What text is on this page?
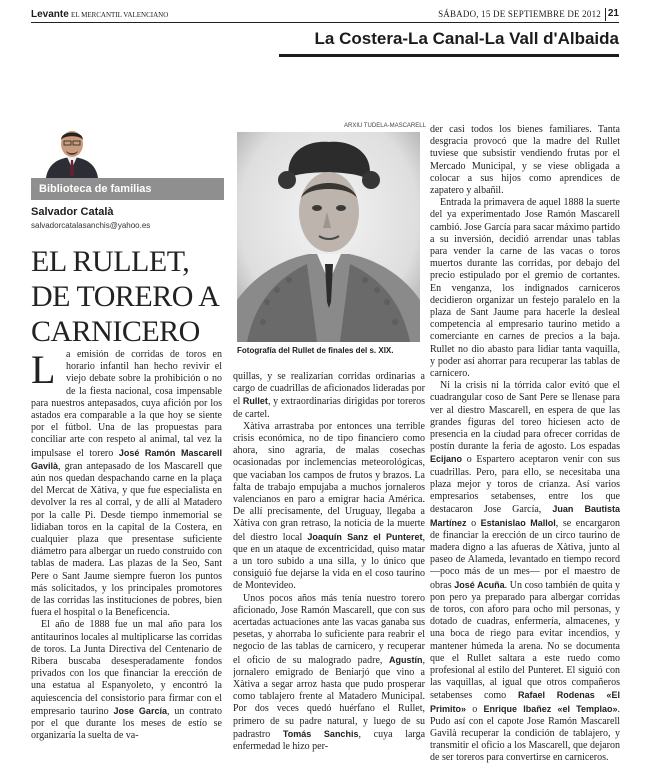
Levante EL MERCANTIL VALENCIANO	SÁBADO, 15 DE SEPTIEMBRE DE 2012 21
La Costera-La Canal-La Vall d'Albaida
Biblioteca de familias
Salvador Català
salvadorcatalasanchis@yahoo.es
EL RULLET, DE TORERO A CARNICERO
ARXIU TUDELA-MASCARELL
Fotografía del Rullet de finales del s. XIX.

L	a emisión de corridas de toros en horario infantil han hecho revivir el viejo debate sobre la prohibición o no de la fiesta nacional, cosa impensable para nuestros antepasados, cuya afición por los astados era comparable a la que hoy se siente por el fútbol. Una de las propuestas para conciliar arte con respeto al animal, tal vez la impulsase el torero José Ramón Mascarell Gavilà, gran antepasado de los Mascarell que aún nos quedan despachando carne en la plaça del Mercat de Xàtiva, y que fue especialista en devolver la res al corral, y de allí al Matadero por la calle Pi. Desde tiempo inmemorial se lidiaban toros en la capital de la Costera, en cualquier plaza que presentase suficiente diámetro para albergar un ruedo construido con tablas de madera. Las plazas de la Seo, Sant Pere o Sant Jaume siempre fueron los puntos más solicitados, y los principales promotores de las corridas las instituciones de pobres, bien fuera el hospital o la Beneficencia.

El año de 1888 fue un mal año para los antitaurinos locales al multiplicarse las corridas de toros. La Junta Directiva del Centenario de Ribera buscaba desesperadamente fondos privados con los que financiar la erección de una estatua al Espanyoleto, y encontró la aquiescencia del consistorio para firmar con el empresario taurino Jose García, un contrato por el que durante los meses de estío se organizaría la suelta de va-

quillas, y se realizarían corridas ordinarias a cargo de cuadrillas de aficionados lideradas por el Rullet, y extraordinarias dirigidas por toreros de cartel.

Xàtiva arrastraba por entonces una terrible crisis económica, no de tipo financiero como ahora, sino agraria, de malas cosechas ocasionadas por inclemencias meteorológicas, que vaciaban los campos de frutos y brazos. La falta de trabajo empujaba a muchos jornaleros valencianos en paro a emigrar hacia América. De allí precisamente, del Uruguay, llegaba a Xàtiva con gran retraso, la noticia de la muerte del diestro local Joaquín Sanz el Punteret, que en un ataque de excentricidad, quiso matar a un toro subido a una silla, y lo único que consiguió fue dejarse la vida en el coso taurino de Montevideo.

Unos pocos años más tenía nuestro torero aficionado, Jose Ramón Mascarell, que con sus acertadas actuaciones ante las vacas ganaba sus pesetas, y ahorraba lo suficiente para reabrir el negocio de las tablas de carnicero, y recuperar el oficio de su malogrado padre, Agustín, jornalero emigrado de Beniarjó que vino a Xàtiva a segar arroz hasta que pudo prosperar como tablajero frente al Matadero Municipal. Por dos veces quedó huérfano el Rullet, primero de su padre natural, y luego de su padrastro Tomás Sanchis, cuya larga enfermedad le hizo per-

der casi todos los bienes familiares. Tanta desgracia provocó que la madre del Rullet tuviese que subsistir vendiendo frutas por el Mercado Municipal, y se viese obligada a colocar a sus hijos como aprendices de zapatero y albañil.

Entrada la primavera de aquel 1888 la suerte del ya experimentado Jose Ramón Mascarell cambió. Jose García para sacar máximo partido a su inversión, decidió arrendar unas tablas para vender la carne de las vacas o toros muertos durante las corridas, por debajo del precio estipulado por el gremio de cortantes. En venganza, los indignados carniceros decidieron organizar un festejo paralelo en la plaza de Sant Jaume para hacerle la desleal competencia al empresario taurino metido a comerciante en carnes de precios a la baja. Rullet no dio abasto para lidiar tanta vaquilla, y poder así ahorrar para recuperar las tablas de carnicero.

Ni la crisis ni la tórrida calor evitó que el cuadrangular coso de Sant Pere se llenase para ver al diestro Mascarell, en espera de que las grandes figuras del toreo hiciesen acto de presencia en la ciudad para ofrecer corridas de postín durante la feria de agosto. Los espadas Ecijano o Espartero aceptaron venir con sus cuadrillas. Pero, para ello, se necesitaba una plaza mejor y toros de crianza. Así varios empresarios setabenses, entre los que destacaron Jose García, Juan Bautista Martínez o Estanislao Mallol, se encargaron de financiar la erección de un circo taurino de madera digno a las afueras de Xàtiva, junto al paseo de Alameda, levantado en tiempo record —poco más de un mes— por el maestro de obras José Acuña. Un coso también de quita y pon pero ya preparado para albergar corridas de toros, con aforo para ocho mil personas, y dotado de cuadras, enfermería, almacenes, y una boca de riego para evitar incendios, y mantener húmeda la arena. No se documenta que el Rullet saltara a este ruedo como profesional al estilo del Punteret. El siguió con las vaquillas, al igual que otros compañeros setabenses como Rafael Rodenas «El Primito» o Enrique Ibañez «el Templao». Pudo así con el capote Jose Ramón Mascarell Gavilà recuperar la condición de tablajero, y transmitir el oficio a los Mascarell, que dejaron de ser toreros para convertirse en carniceros.
